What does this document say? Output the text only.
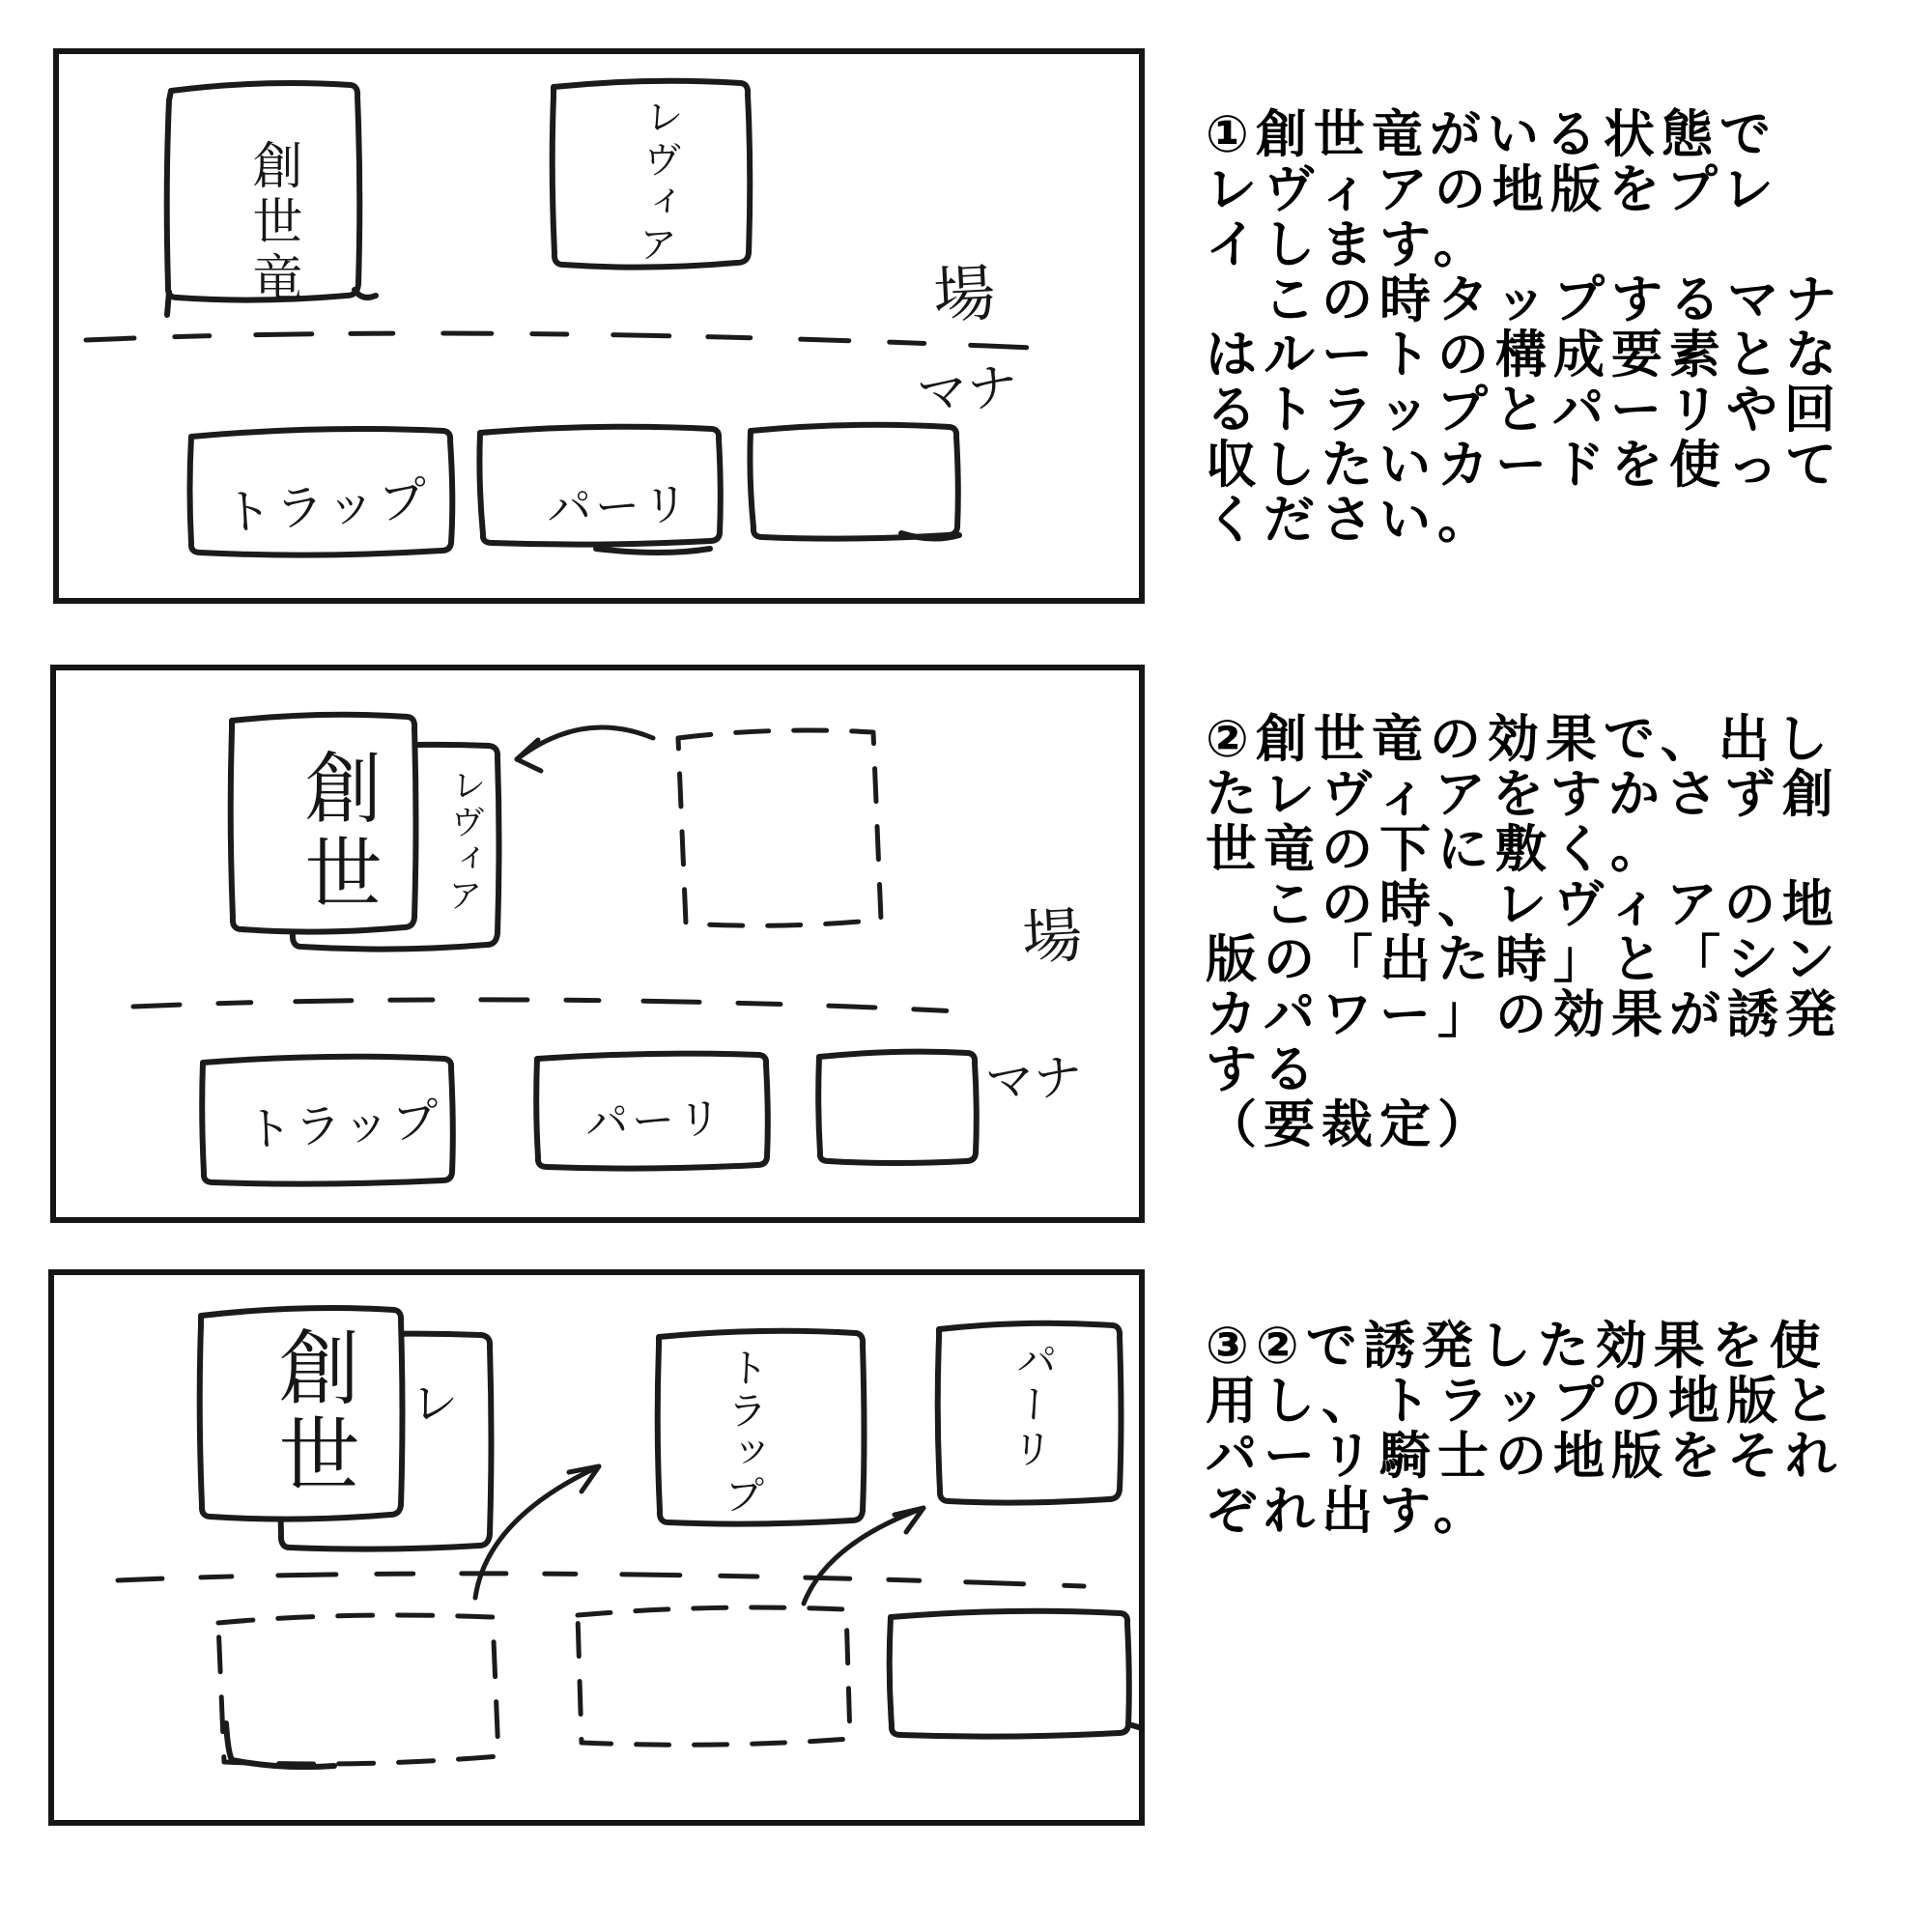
創世竜	レヴィア
場
マナ
トラップ	パーリ
創世	レヴィア
場
マナ
トラップ	パーリ
創世 レ	トラップ	パーリ
①創世竜がいる状態で
レヴィアの地版をプレ
イします。
　この時タップするマナ
はルートの構成要素とな
るトラップとパーリや回
収したいカードを使って
ください。
②創世竜の効果で、出し
たレヴィアをすかさず創
世竜の下に敷く。
　この時、レヴィアの地
版の「出た時」と「シン
カパワー」の効果が誘発
する
（要裁定）
③②で誘発した効果を使
用し、トラップの地版と
パーリ騎士の地版をそれ
ぞれ出す。
